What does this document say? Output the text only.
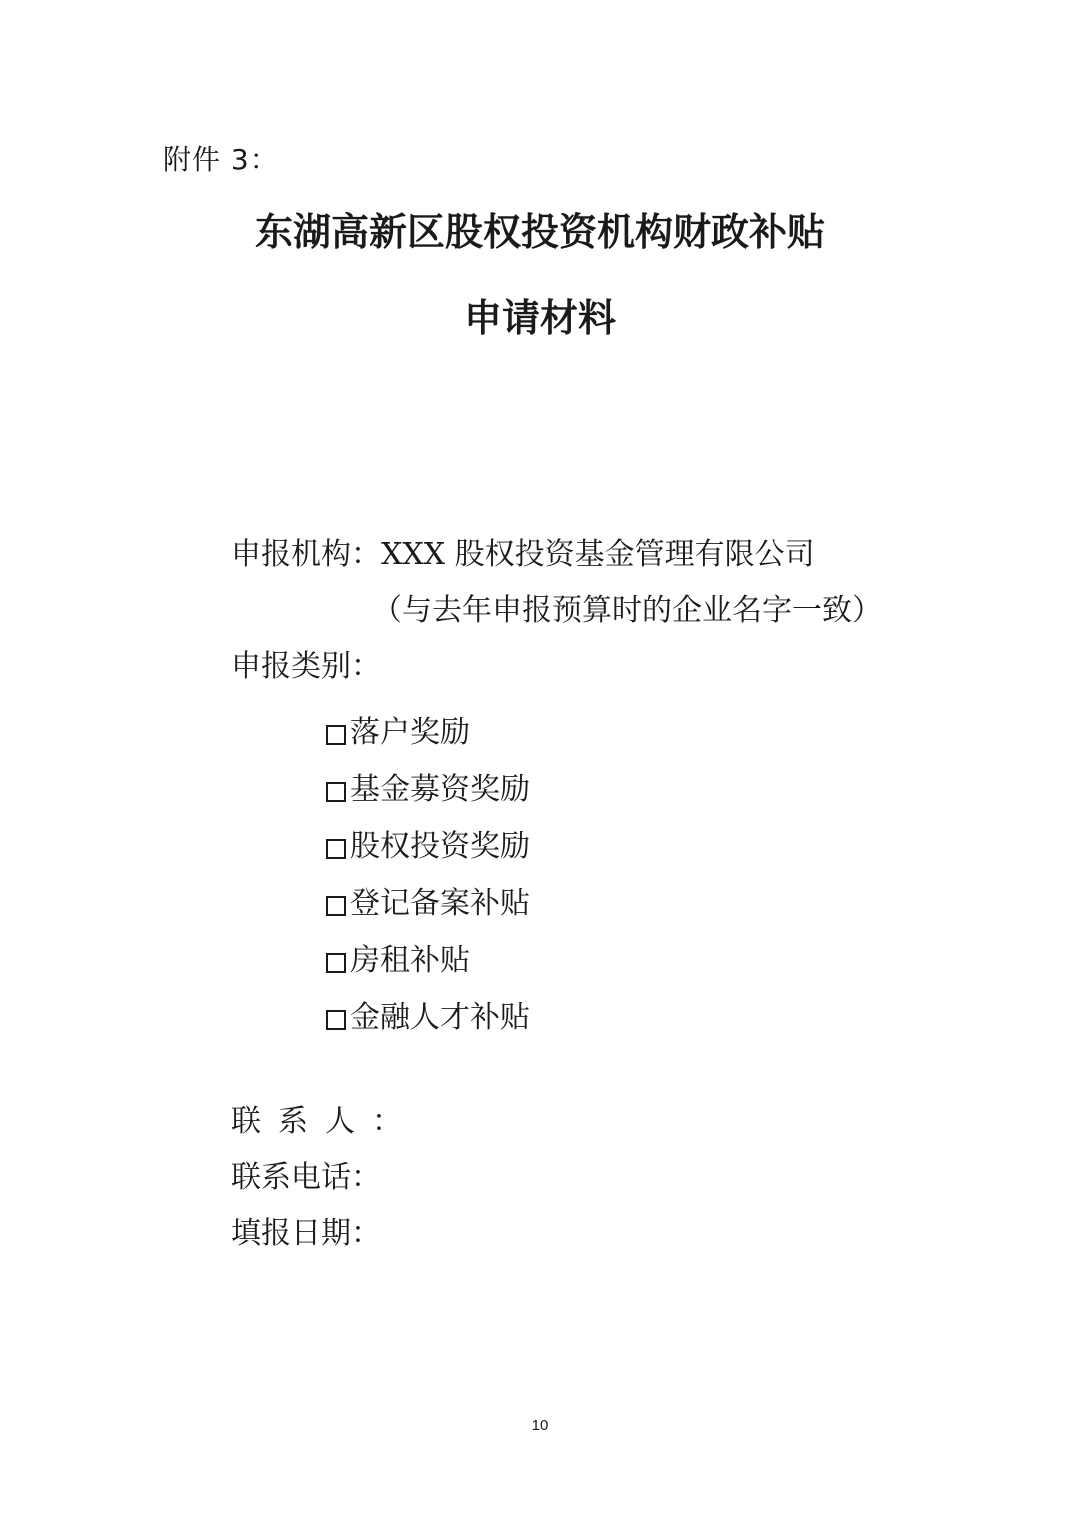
附件 3：
东湖高新区股权投资机构财政补贴
申请材料
申报机构：XXX 股权投资基金管理有限公司
（与去年申报预算时的企业名字一致）
申报类别：
落户奖励
基金募资奖励
股权投资奖励
登记备案补贴
房租补贴
金融人才补贴
联系人：
联系电话：
填报日期：
10
